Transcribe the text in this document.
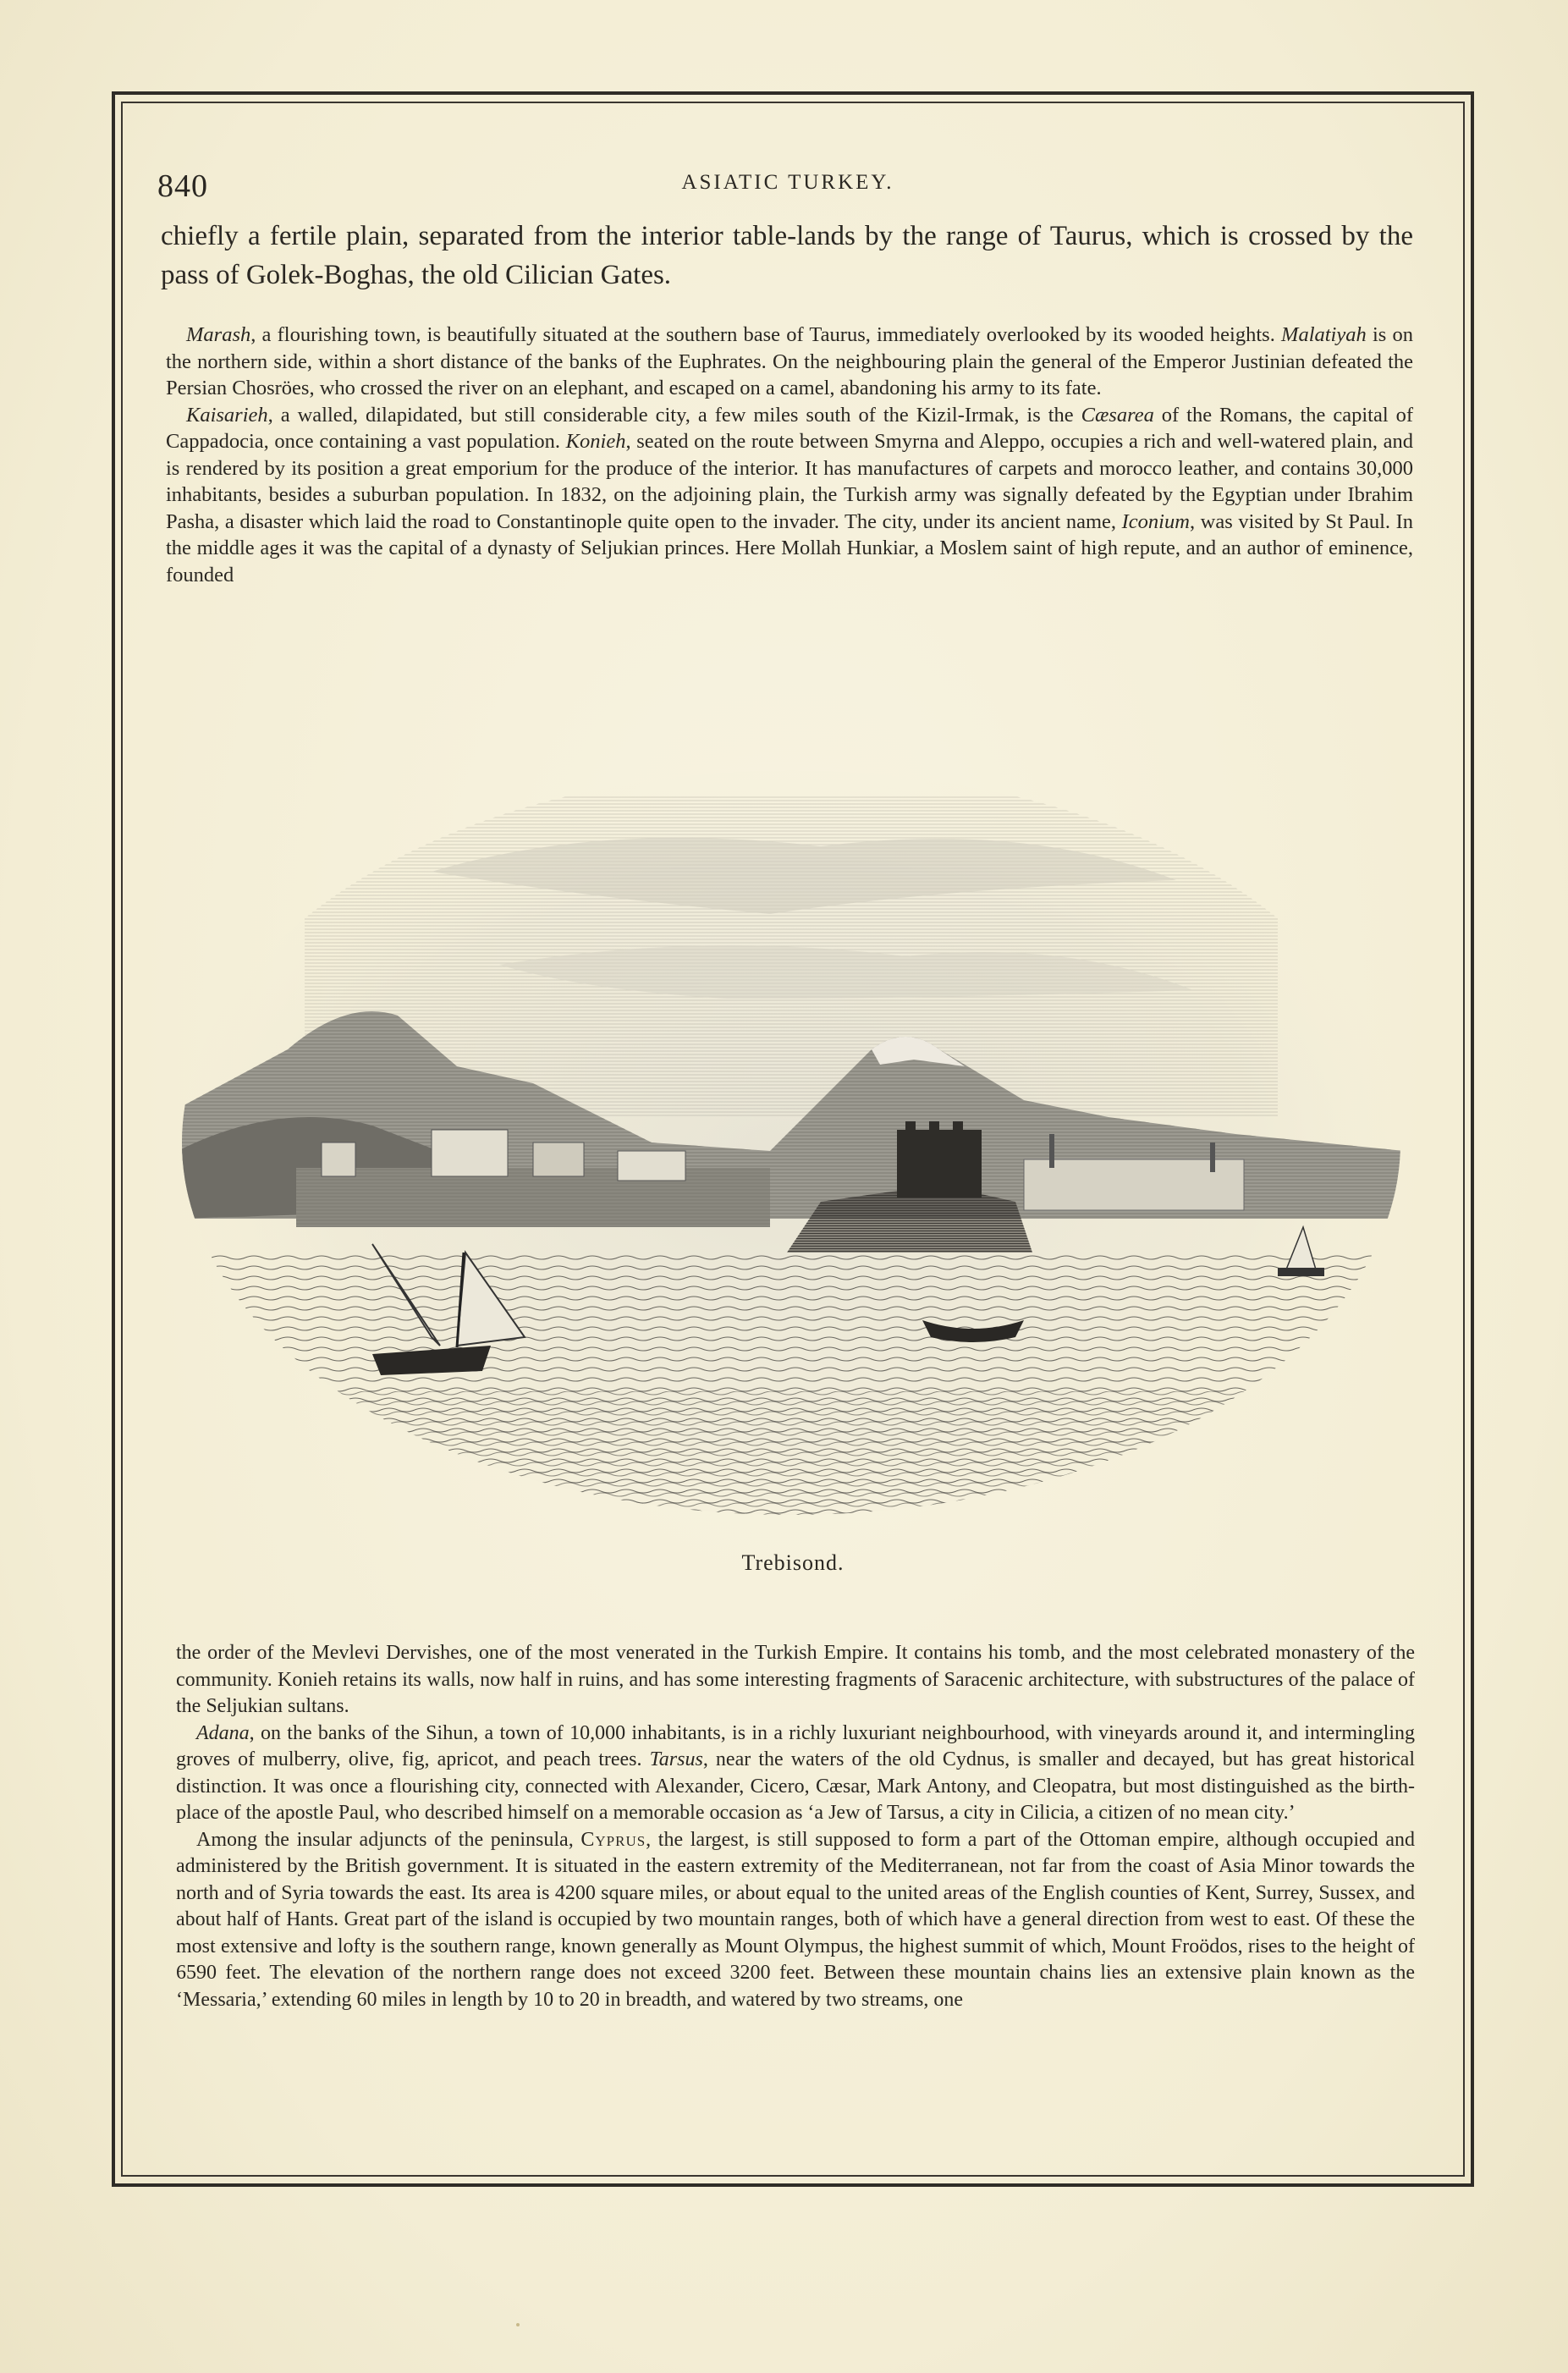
840	ASIATIC TURKEY.
chiefly a fertile plain, separated from the interior table-lands by the range of Taurus, which is crossed by the pass of Golek-Boghas, the old Cilician Gates.

Marash, a flourishing town, is beautifully situated at the southern base of Taurus, immediately overlooked by its wooded heights. Malatiyah is on the northern side, within a short distance of the banks of the Euphrates. On the neighbouring plain the general of the Emperor Justinian defeated the Persian Chosröes, who crossed the river on an elephant, and escaped on a camel, abandoning his army to its fate.

Kaisarieh, a walled, dilapidated, but still considerable city, a few miles south of the Kizil-Irmak, is the Cæsarea of the Romans, the capital of Cappadocia, once containing a vast population. Konieh, seated on the route between Smyrna and Aleppo, occupies a rich and well-watered plain, and is rendered by its position a great emporium for the produce of the interior. It has manufactures of carpets and morocco leather, and contains 30,000 inhabitants, besides a suburban population. In 1832, on the adjoining plain, the Turkish army was signally defeated by the Egyptian under Ibrahim Pasha, a disaster which laid the road to Constantinople quite open to the invader. The city, under its ancient name, Iconium, was visited by St Paul. In the middle ages it was the capital of a dynasty of Seljukian princes. Here Mollah Hunkiar, a Moslem saint of high repute, and an author of eminence, founded

Trebisond.

the order of the Mevlevi Dervishes, one of the most venerated in the Turkish Empire. It contains his tomb, and the most celebrated monastery of the community. Konieh retains its walls, now half in ruins, and has some interesting fragments of Saracenic architecture, with substructures of the palace of the Seljukian sultans.

Adana, on the banks of the Sihun, a town of 10,000 inhabitants, is in a richly luxuriant neighbourhood, with vineyards around it, and intermingling groves of mulberry, olive, fig, apricot, and peach trees. Tarsus, near the waters of the old Cydnus, is smaller and decayed, but has great historical distinction. It was once a flourishing city, connected with Alexander, Cicero, Cæsar, Mark Antony, and Cleopatra, but most distinguished as the birth-place of the apostle Paul, who described himself on a memorable occasion as ‘a Jew of Tarsus, a city in Cilicia, a citizen of no mean city.’

Among the insular adjuncts of the peninsula, Cyprus, the largest, is still supposed to form a part of the Ottoman empire, although occupied and administered by the British government. It is situated in the eastern extremity of the Mediterranean, not far from the coast of Asia Minor towards the north and of Syria towards the east. Its area is 4200 square miles, or about equal to the united areas of the English counties of Kent, Surrey, Sussex, and about half of Hants. Great part of the island is occupied by two mountain ranges, both of which have a general direction from west to east. Of these the most extensive and lofty is the southern range, known generally as Mount Olympus, the highest summit of which, Mount Froödos, rises to the height of 6590 feet. The elevation of the northern range does not exceed 3200 feet. Between these mountain chains lies an extensive plain known as the ‘Messaria,’ extending 60 miles in length by 10 to 20 in breadth, and watered by two streams, one
